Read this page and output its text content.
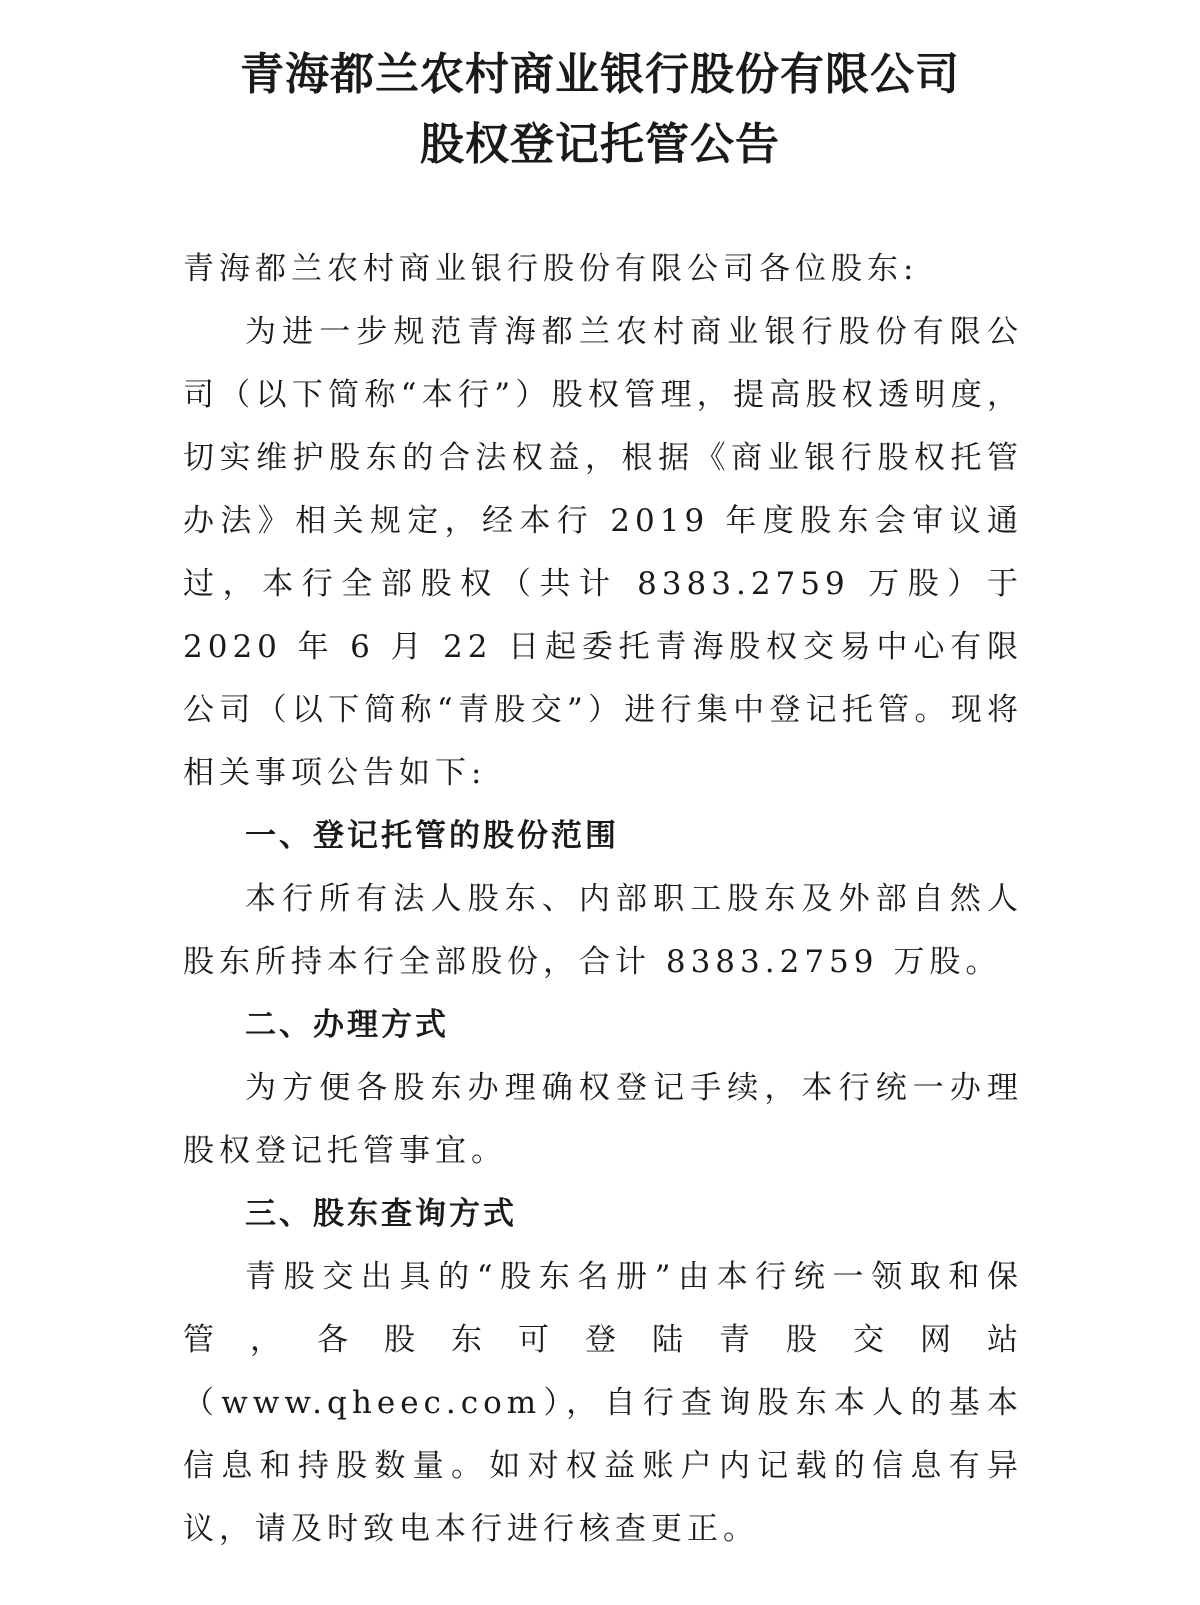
青海都兰农村商业银行股份有限公司
股权登记托管公告

青海都兰农村商业银行股份有限公司各位股东:

为进一步规范青海都兰农村商业银行股份有限公司（以下简称“本行”）股权管理，提高股权透明度，切实维护股东的合法权益，根据《商业银行股权托管办法》相关规定，经本行 2019 年度股东会审议通过，本行全部股权（共计 8383.2759 万股）于 2020 年 6 月 22 日起委托青海股权交易中心有限公司（以下简称“青股交”）进行集中登记托管。现将相关事项公告如下:

一、登记托管的股份范围

本行所有法人股东、内部职工股东及外部自然人股东所持本行全部股份，合计 8383.2759 万股。

二、办理方式

为方便各股东办理确权登记手续，本行统一办理股权登记托管事宜。

三、股东查询方式

青股交出具的“股东名册”由本行统一领取和保管，各股东可登陆青股交网站（www.qheec.com），自行查询股东本人的基本信息和持股数量。如对权益账户内记载的信息有异议，请及时致电本行进行核查更正。
